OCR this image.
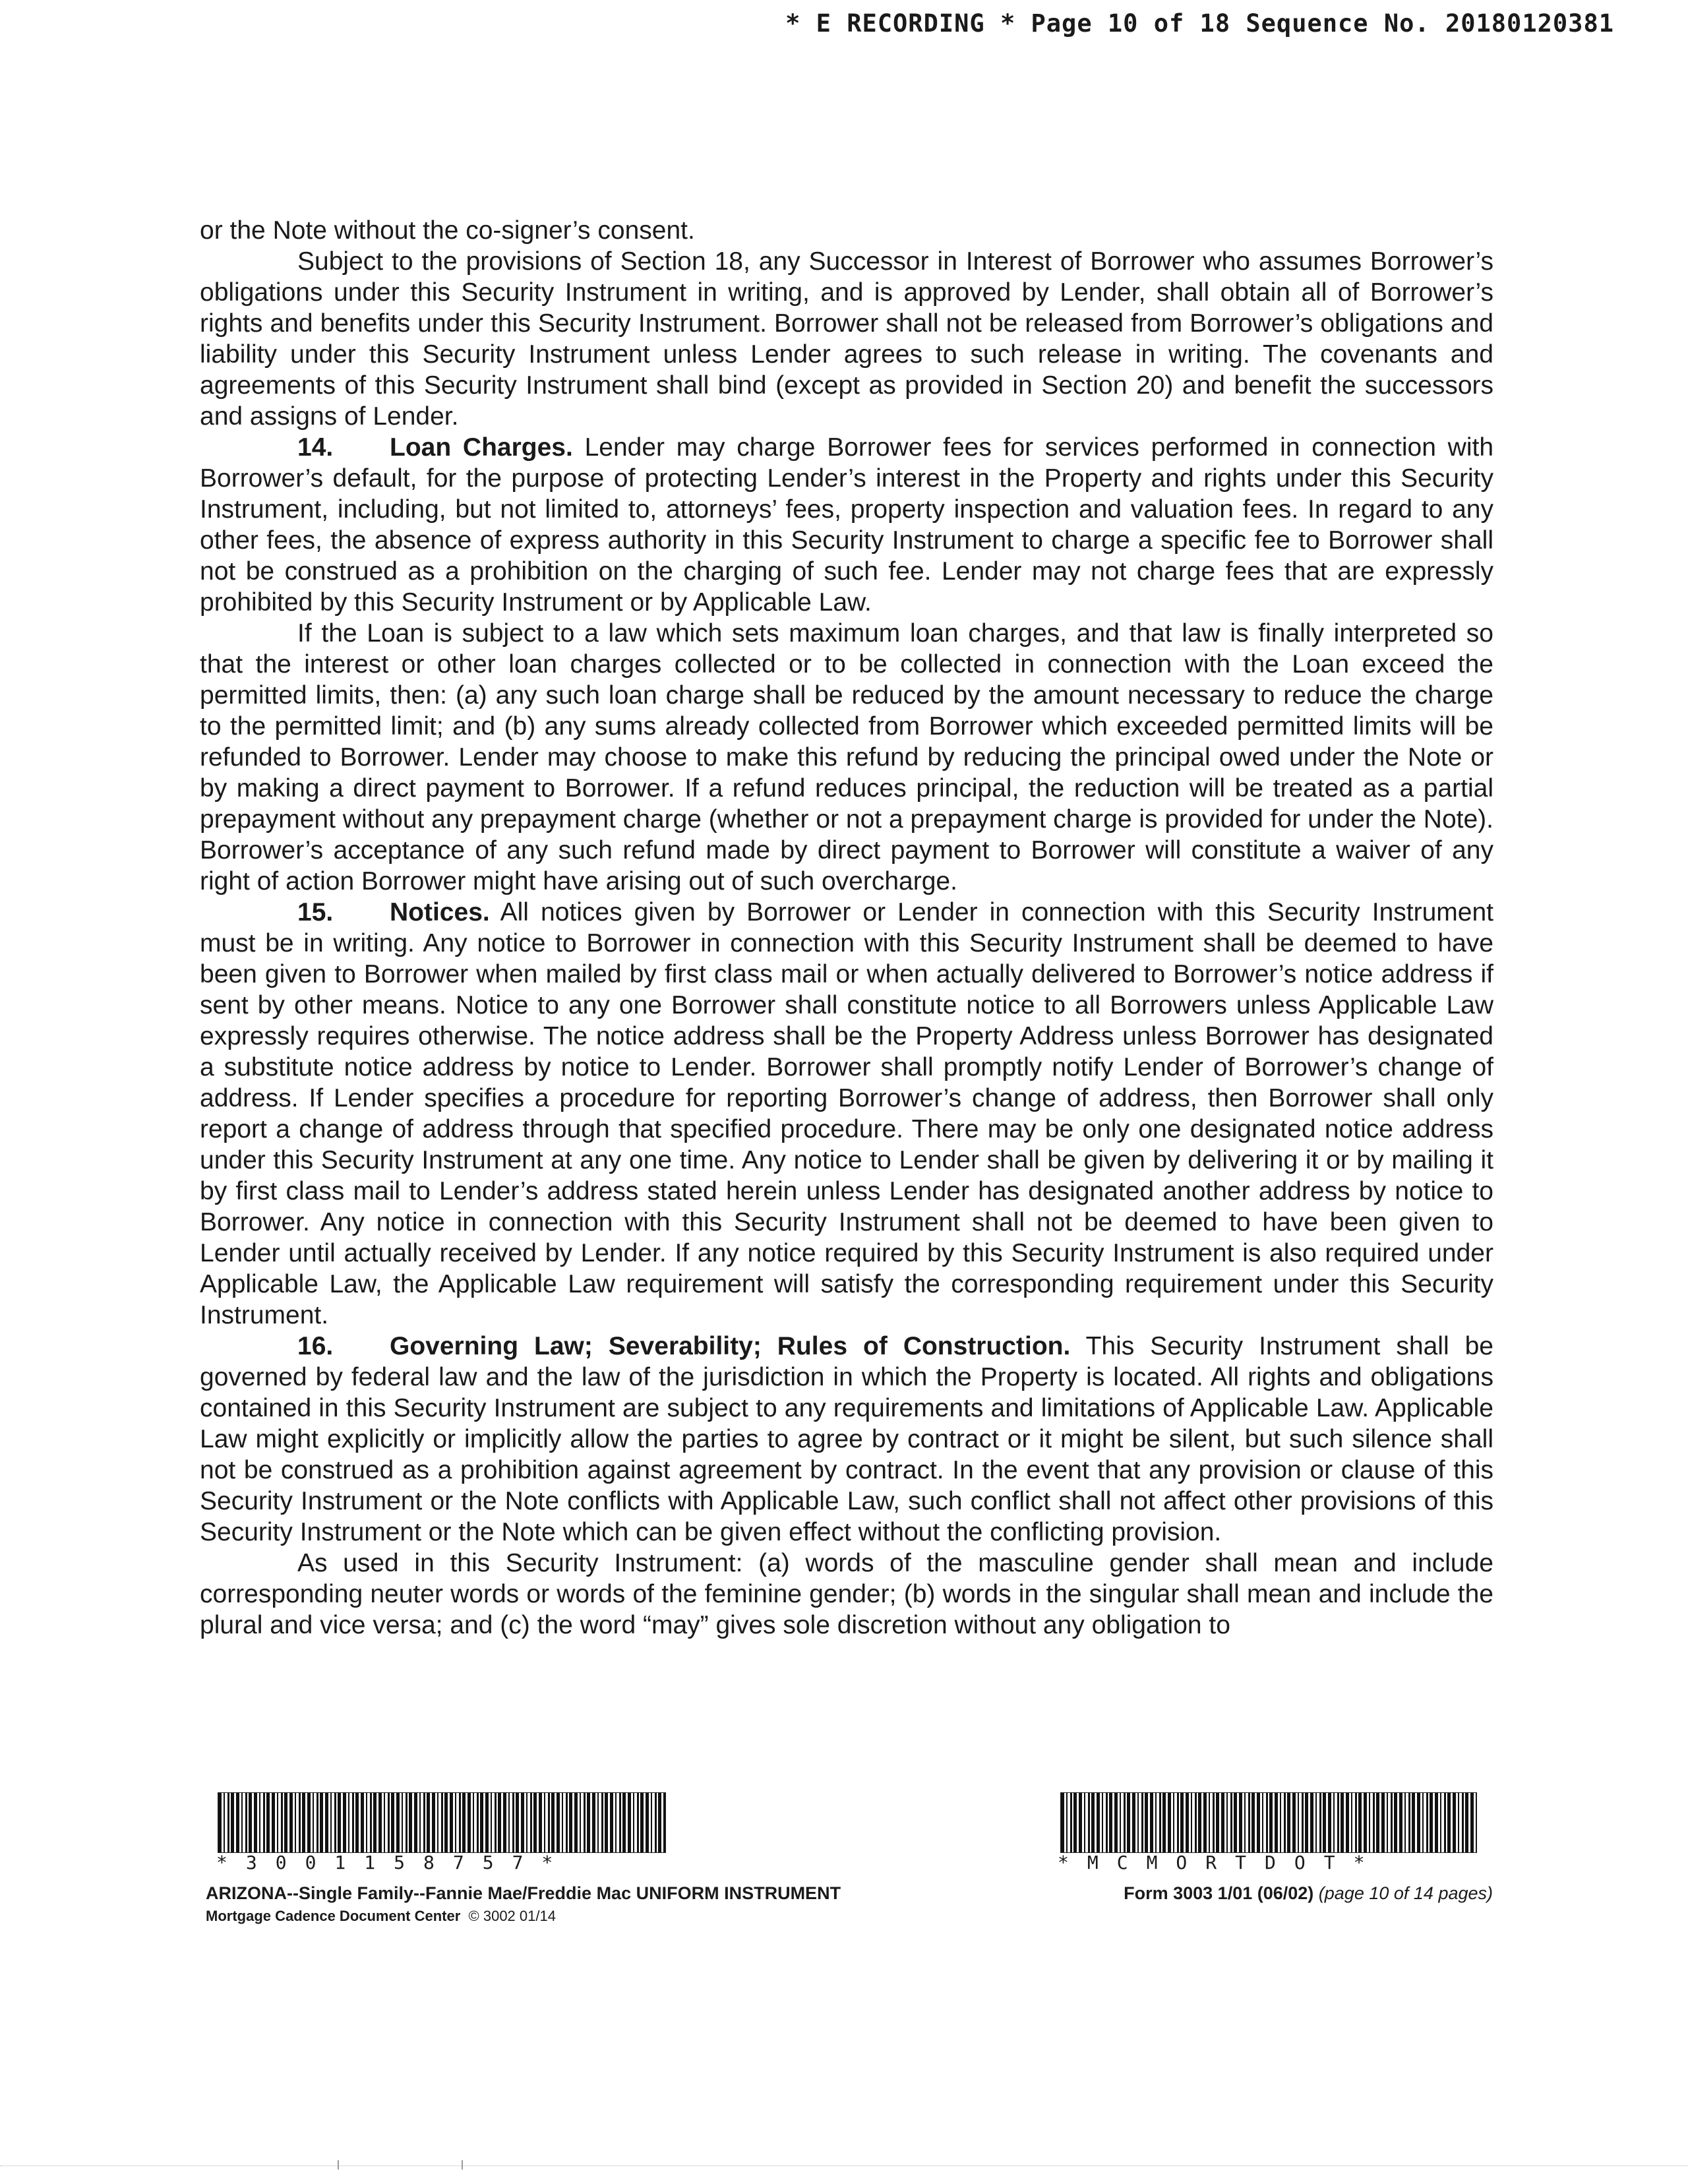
* E RECORDING * Page 10 of 18 Sequence No. 20180120381

or the Note without the co-signer’s consent.

Subject to the provisions of Section 18, any Successor in Interest of Borrower who assumes Borrower’s obligations under this Security Instrument in writing, and is approved by Lender, shall obtain all of Borrower’s rights and benefits under this Security Instrument. Borrower shall not be released from Borrower’s obligations and liability under this Security Instrument unless Lender agrees to such release in writing. The covenants and agreements of this Security Instrument shall bind (except as provided in Section 20) and benefit the successors and assigns of Lender.

14. Loan Charges. Lender may charge Borrower fees for services performed in connection with Borrower’s default, for the purpose of protecting Lender’s interest in the Property and rights under this Security Instrument, including, but not limited to, attorneys’ fees, property inspection and valuation fees. In regard to any other fees, the absence of express authority in this Security Instrument to charge a specific fee to Borrower shall not be construed as a prohibition on the charging of such fee. Lender may not charge fees that are expressly prohibited by this Security Instrument or by Applicable Law.

If the Loan is subject to a law which sets maximum loan charges, and that law is finally interpreted so that the interest or other loan charges collected or to be collected in connection with the Loan exceed the permitted limits, then: (a) any such loan charge shall be reduced by the amount necessary to reduce the charge to the permitted limit; and (b) any sums already collected from Borrower which exceeded permitted limits will be refunded to Borrower. Lender may choose to make this refund by reducing the principal owed under the Note or by making a direct payment to Borrower. If a refund reduces principal, the reduction will be treated as a partial prepayment without any prepayment charge (whether or not a prepayment charge is provided for under the Note). Borrower’s acceptance of any such refund made by direct payment to Borrower will constitute a waiver of any right of action Borrower might have arising out of such overcharge.

15. Notices. All notices given by Borrower or Lender in connection with this Security Instrument must be in writing. Any notice to Borrower in connection with this Security Instrument shall be deemed to have been given to Borrower when mailed by first class mail or when actually delivered to Borrower’s notice address if sent by other means. Notice to any one Borrower shall constitute notice to all Borrowers unless Applicable Law expressly requires otherwise. The notice address shall be the Property Address unless Borrower has designated a substitute notice address by notice to Lender. Borrower shall promptly notify Lender of Borrower’s change of address. If Lender specifies a procedure for reporting Borrower’s change of address, then Borrower shall only report a change of address through that specified procedure. There may be only one designated notice address under this Security Instrument at any one time. Any notice to Lender shall be given by delivering it or by mailing it by first class mail to Lender’s address stated herein unless Lender has designated another address by notice to Borrower. Any notice in connection with this Security Instrument shall not be deemed to have been given to Lender until actually received by Lender. If any notice required by this Security Instrument is also required under Applicable Law, the Applicable Law requirement will satisfy the corresponding requirement under this Security Instrument.

16. Governing Law; Severability; Rules of Construction. This Security Instrument shall be governed by federal law and the law of the jurisdiction in which the Property is located. All rights and obligations contained in this Security Instrument are subject to any requirements and limitations of Applicable Law. Applicable Law might explicitly or implicitly allow the parties to agree by contract or it might be silent, but such silence shall not be construed as a prohibition against agreement by contract. In the event that any provision or clause of this Security Instrument or the Note conflicts with Applicable Law, such conflict shall not affect other provisions of this Security Instrument or the Note which can be given effect without the conflicting provision.

As used in this Security Instrument: (a) words of the masculine gender shall mean and include corresponding neuter words or words of the feminine gender; (b) words in the singular shall mean and include the plural and vice versa; and (c) the word “may” gives sole discretion without any obligation to

*3001158757*	*MCMORTDOT*
ARIZONA--Single Family--Fannie Mae/Freddie Mac UNIFORM INSTRUMENT
Mortgage Cadence Document Center © 3002 01/14
Form 3003 1/01 (06/02) (page 10 of 14 pages)
